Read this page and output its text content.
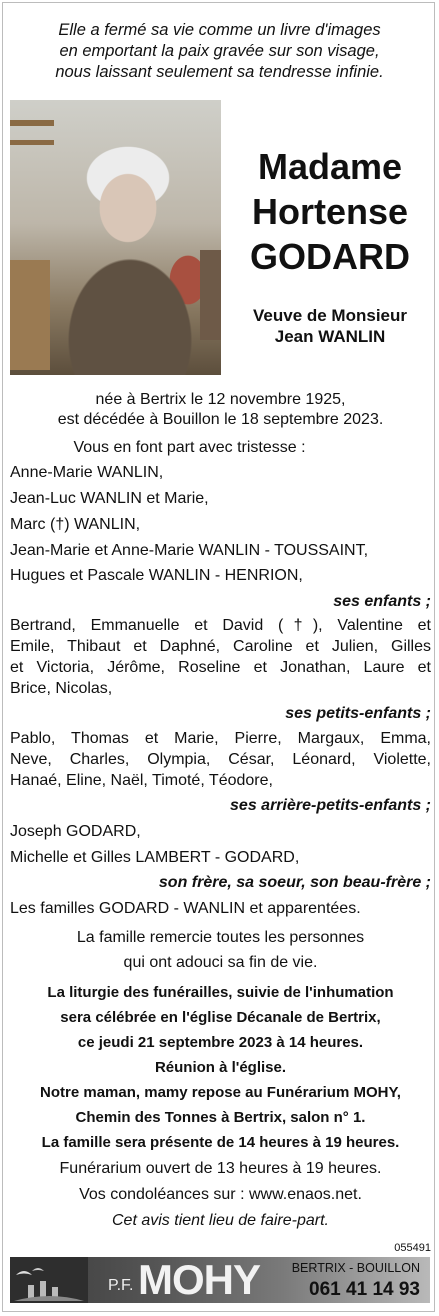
Elle a fermé sa vie comme un livre d'images
en emportant la paix gravée sur son visage,
nous laissant seulement sa tendresse infinie.
Madame
Hortense
GODARD
Veuve de Monsieur
Jean WANLIN
née à Bertrix le 12 novembre 1925,
est décédée à Bouillon le 18 septembre 2023.
Vous en font part avec tristesse :
Anne-Marie WANLIN,
Jean-Luc WANLIN et Marie,
Marc (†) WANLIN,
Jean-Marie et Anne-Marie WANLIN - TOUSSAINT,
Hugues et Pascale WANLIN - HENRION,
ses enfants ;
Bertrand, Emmanuelle et David (†), Valentine et
Emile, Thibaut et Daphné, Caroline et Julien, Gilles
et Victoria, Jérôme, Roseline et Jonathan, Laure et
Brice, Nicolas,
ses petits-enfants ;
Pablo, Thomas et Marie, Pierre, Margaux, Emma,
Neve, Charles, Olympia, César, Léonard, Violette,
Hanaé, Eline, Naël, Timoté, Téodore,
ses arrière-petits-enfants ;
Joseph GODARD,
Michelle et Gilles LAMBERT - GODARD,
son frère, sa soeur, son beau-frère ;
Les familles GODARD - WANLIN et apparentées.
La famille remercie toutes les personnes
qui ont adouci sa fin de vie.
La liturgie des funérailles, suivie de l'inhumation
sera célébrée en l'église Décanale de Bertrix,
ce jeudi 21 septembre 2023 à 14 heures.
Réunion à l'église.
Notre maman, mamy repose au Funérarium MOHY,
Chemin des Tonnes à Bertrix, salon n° 1.
La famille sera présente de 14 heures à 19 heures.
Funérarium ouvert de 13 heures à 19 heures.
Vos condoléances sur : www.enaos.net.
Cet avis tient lieu de faire-part.
055491
P.F. MOHY	BERTRIX - BOUILLON
061 41 14 93
